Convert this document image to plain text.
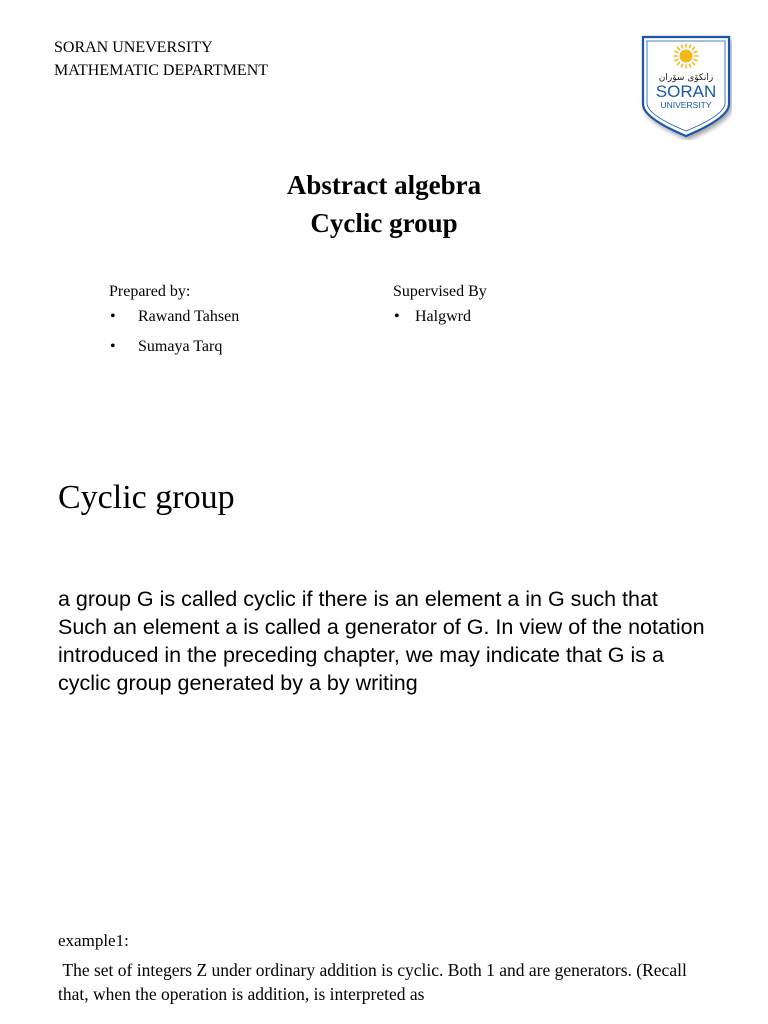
SORAN UNEVERSITY
MATHEMATIC DEPARTMENT	زانكۆی سۆران
SORAN
UNIVERSITY
Abstract algebra
Cyclic group
Prepared by:
• Rawand Tahsen
• Sumaya Tarq
Supervised By
• Halgwrd
Cyclic group

a group G is called cyclic if there is an element a in G such that Such an element a is called a generator of G. In view of the notation introduced in the preceding chapter, we may indicate that G is a cyclic group generated by a by writing

example1:

The set of integers Z under ordinary addition is cyclic. Both 1 and are generators. (Recall that, when the operation is addition, is interpreted as
